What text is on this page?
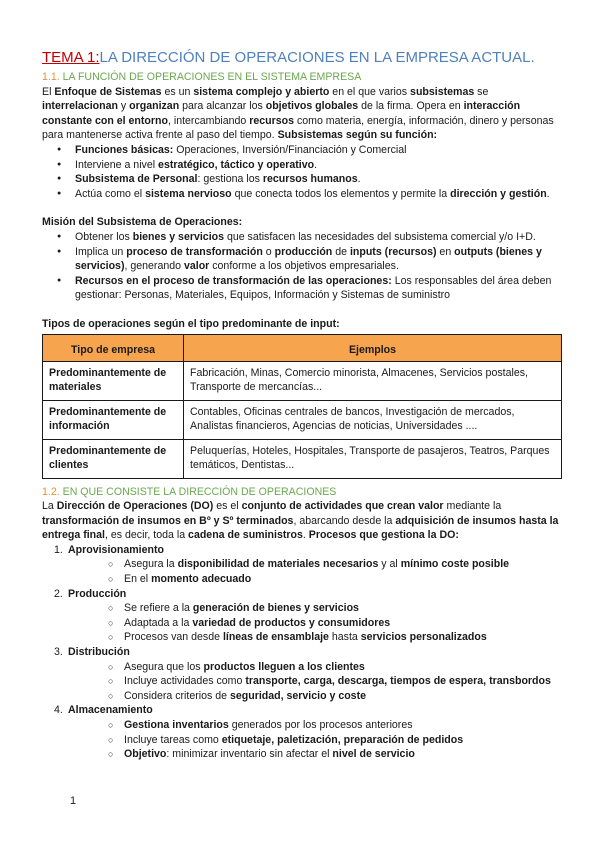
TEMA 1:LA DIRECCIÓN DE OPERACIONES EN LA EMPRESA ACTUAL.
1.1. LA FUNCIÓN DE OPERACIONES EN EL SISTEMA EMPRESA

El Enfoque de Sistemas es un sistema complejo y abierto en el que varios subsistemas se interrelacionan y organizan para alcanzar los objetivos globales de la firma. Opera en interacción constante con el entorno, intercambiando recursos como materia, energía, información, dinero y personas para mantenerse activa frente al paso del tiempo. Subsistemas según su función:

● Funciones básicas: Operaciones, Inversión/Financiación y Comercial
● Interviene a nivel estratégico, táctico y operativo.
● Subsistema de Personal: gestiona los recursos humanos.
● Actúa como el sistema nervioso que conecta todos los elementos y permite la dirección y gestión.

Misión del Subsistema de Operaciones:

● Obtener los bienes y servicios que satisfacen las necesidades del subsistema comercial y/o I+D.
● Implica un proceso de transformación o producción de inputs (recursos) en outputs (bienes y servicios), generando valor conforme a los objetivos empresariales.
● Recursos en el proceso de transformación de las operaciones: Los responsables del área deben gestionar: Personas, Materiales, Equipos, Información y Sistemas de suministro

Tipos de operaciones según el tipo predominante de input:

Tipo de empresa	Ejemplos
Predominantemente de materiales	Fabricación, Minas, Comercio minorista, Almacenes, Servicios postales, Transporte de mercancías...
Predominantemente de información	Contables, Oficinas centrales de bancos, Investigación de mercados, Analistas financieros, Agencias de noticias, Universidades ....
Predominantemente de clientes	Peluquerías, Hoteles, Hospitales, Transporte de pasajeros, Teatros, Parques temáticos, Dentistas...
1.2. EN QUE CONSISTE LA DIRECCIÓN DE OPERACIONES

La Dirección de Operaciones (DO) es el conjunto de actividades que crean valor mediante la transformación de insumos en Bº y Sº terminados, abarcando desde la adquisición de insumos hasta la entrega final, es decir, toda la cadena de suministros. Procesos que gestiona la DO:

1. Aprovisionamiento
○ Asegura la disponibilidad de materiales necesarios y al mínimo coste posible
○ En el momento adecuado
2. Producción
○ Se refiere a la generación de bienes y servicios
○ Adaptada a la variedad de productos y consumidores
○ Procesos van desde líneas de ensamblaje hasta servicios personalizados
3. Distribución
○ Asegura que los productos lleguen a los clientes
○ Incluye actividades como transporte, carga, descarga, tiempos de espera, transbordos
○ Considera criterios de seguridad, servicio y coste
4. Almacenamiento
○ Gestiona inventarios generados por los procesos anteriores
○ Incluye tareas como etiquetaje, paletización, preparación de pedidos
○ Objetivo: minimizar inventario sin afectar el nivel de servicio
1
